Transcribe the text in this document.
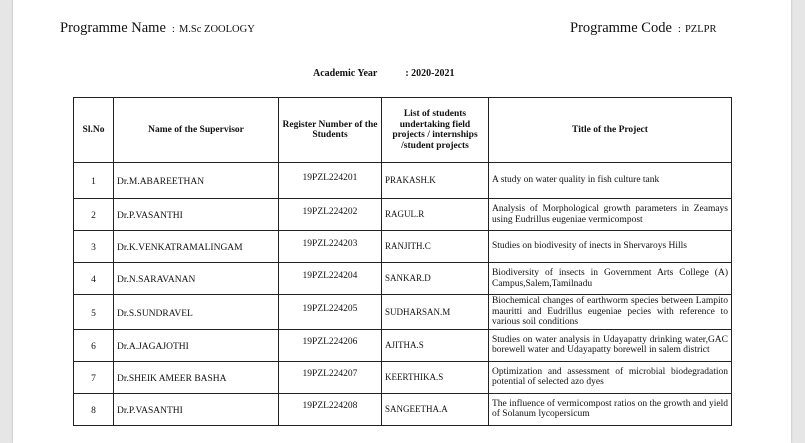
Programme Name : M.Sc ZOOLOGY	Programme Code : PZLPR
Academic Year	: 2020-2021
Sl.No	Name of the Supervisor	Register Number of the Students	List of students undertaking field projects / internships /student projects	Title of the Project
1	Dr.M.ABAREETHAN	19PZL224201	PRAKASH.K	A study on water quality in fish culture tank
2	Dr.P.VASANTHI	19PZL224202	RAGUL.R	Analysis of Morphological growth parameters in Zeamays using Eudrillus eugeniae vermicompost
3	Dr.K.VENKATRAMALINGAM	19PZL224203	RANJITH.C	Studies on biodivesity of inects in Shervaroys Hills
4	Dr.N.SARAVANAN	19PZL224204	SANKAR.D	Biodiversity of insects in Government Arts College (A) Campus,Salem,Tamilnadu
5	Dr.S.SUNDRAVEL	19PZL224205	SUDHARSAN.M	Biochemical changes of earthworm species between Lampito mauritti and Eudrillus eugeniae pecies with reference to various soil conditions
6	Dr.A.JAGAJOTHI	19PZL224206	AJITHA.S	Studies on water analysis in Udayapatty drinking water,GAC borewell water and Udayapatty borewell in salem district
7	Dr.SHEIK AMEER BASHA	19PZL224207	KEERTHIKA.S	Optimization and assessment of microbial biodegradation potential of selected azo dyes
8	Dr.P.VASANTHI	19PZL224208	SANGEETHA.A	The influence of vermicompost ratios on the growth and yield of Solanum lycopersicum
